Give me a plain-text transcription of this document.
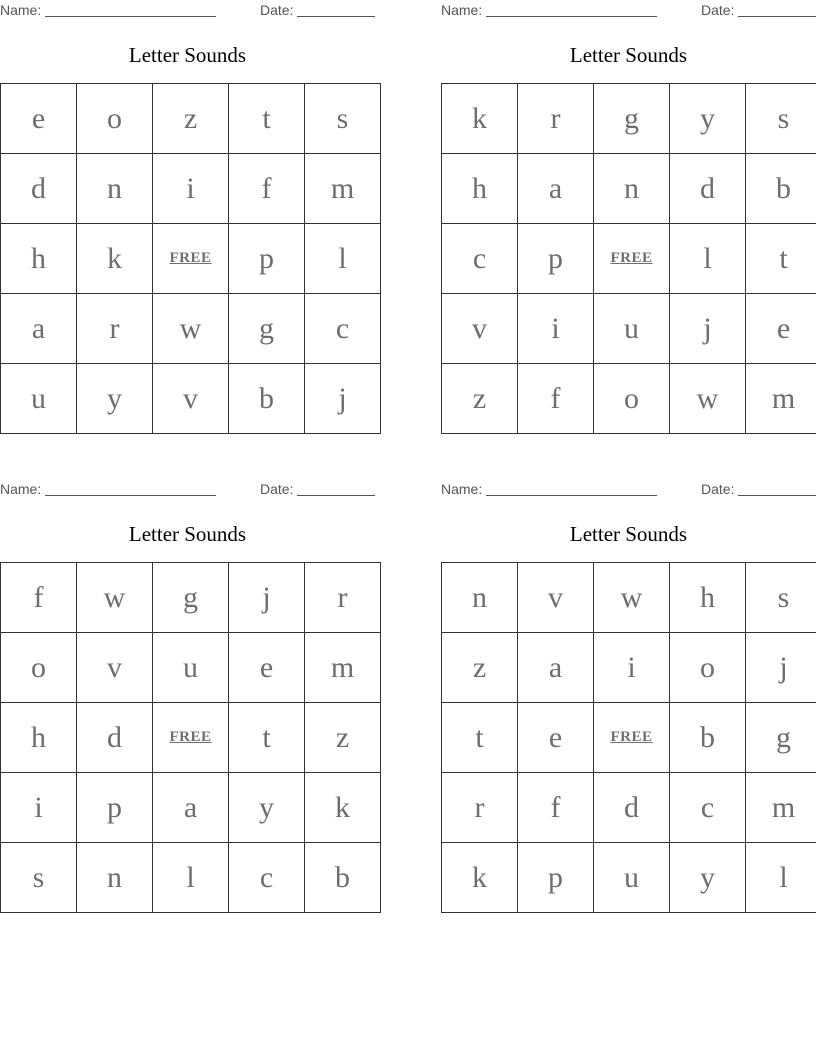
Name:	Date:
Letter Sounds
e	o	z	t	s
d	n	i	f	m
h	k	FREE	p	l
a	r	w	g	c
u	y	v	b	j
Name:	Date:
Letter Sounds
k	r	g	y	s
h	a	n	d	b
c	p	FREE	l	t
v	i	u	j	e
z	f	o	w	m
Name:	Date:
Letter Sounds
f	w	g	j	r
o	v	u	e	m
h	d	FREE	t	z
i	p	a	y	k
s	n	l	c	b
Name:	Date:
Letter Sounds
n	v	w	h	s
z	a	i	o	j
t	e	FREE	b	g
r	f	d	c	m
k	p	u	y	l
